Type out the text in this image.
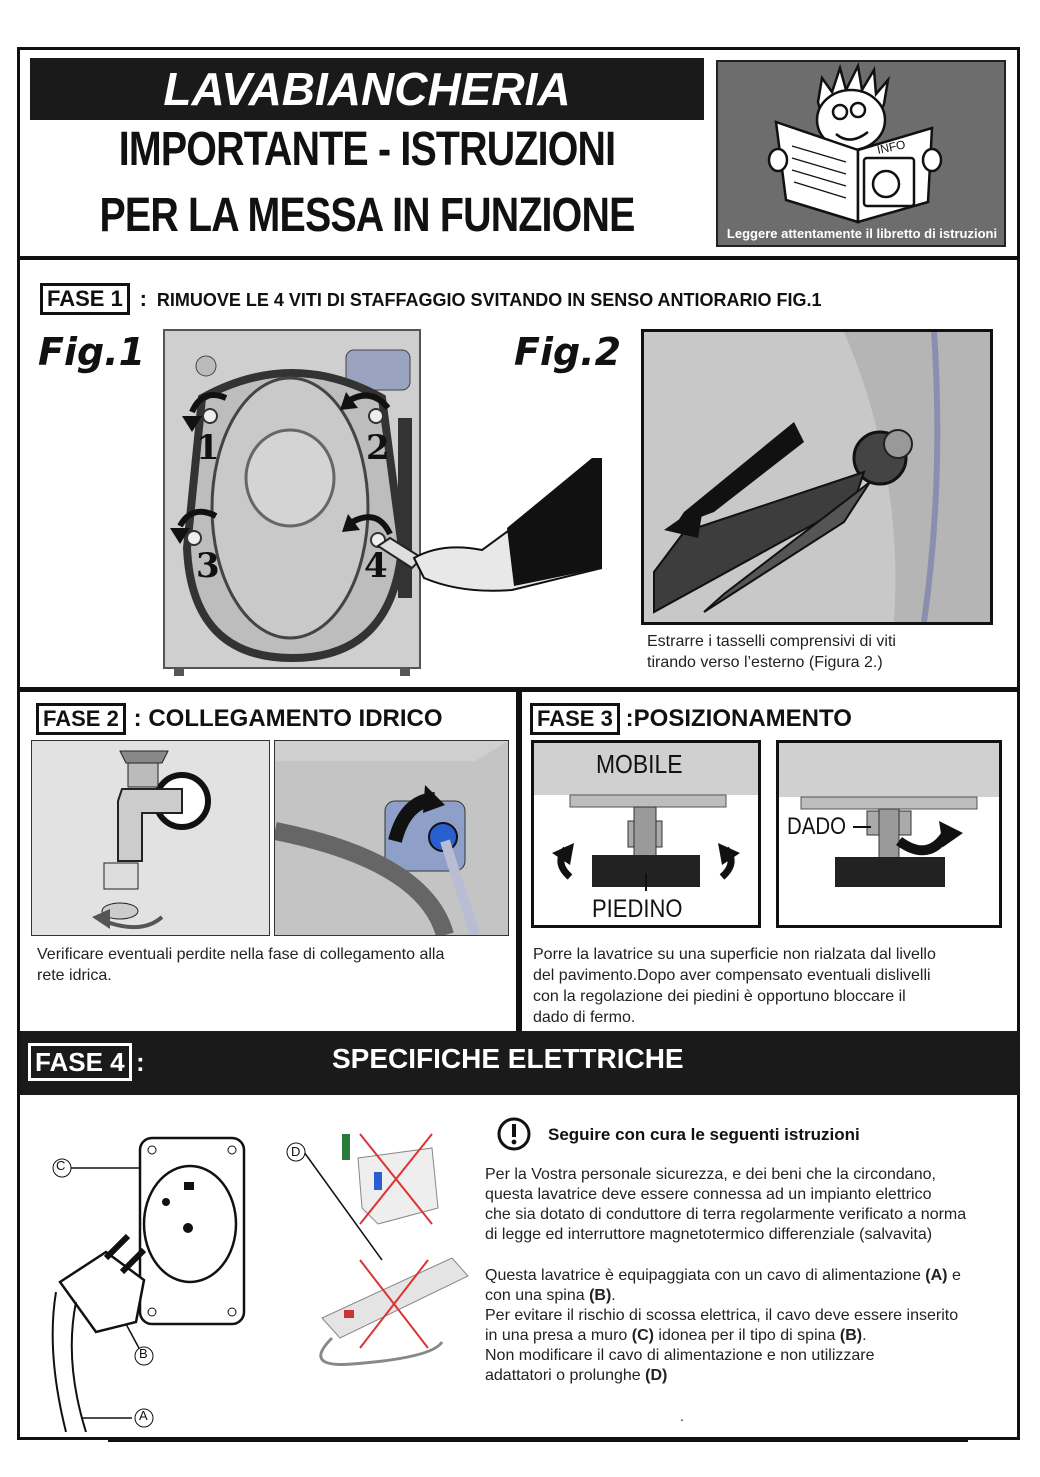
LAVABIANCHERIA
IMPORTANTE - ISTRUZIONI
PER LA MESSA IN FUNZIONE
INFO
Leggere attentamente il libretto di istruzioni
FASE 1 : RIMUOVE LE 4 VITI DI STAFFAGGIO SVITANDO IN SENSO ANTIORARIO FIG.1
Fig.1	Fig.2
1	2
3	4
Estrarre i tasselli comprensivi di viti
tirando verso l’esterno (Figura 2.)
FASE 2 : COLLEGAMENTO IDRICO
Verificare eventuali perdite nella fase di collegamento alla
rete idrica.
FASE 3 :POSIZIONAMENTO
MOBILE
PIEDINO
DADO
Porre la lavatrice su una superficie non rialzata dal livello
del pavimento.Dopo aver compensato eventuali dislivelli
con la regolazione dei piedini è opportuno bloccare il
dado di fermo.
FASE 4 :	SPECIFICHE ELETTRICHE
C
B
A
D
Seguire con cura le seguenti istruzioni
Per la Vostra personale sicurezza, e dei beni che la circondano,
questa lavatrice deve essere connessa ad un impianto elettrico
che sia dotato di conduttore di terra regolarmente verificato a norma
di legge ed interruttore magnetotermico differenziale (salvavita)
Questa lavatrice è equipaggiata con un cavo di alimentazione (A) e
con una spina (B).
Per evitare il rischio di scossa elettrica, il cavo deve essere inserito
in una presa a muro (C) idonea per il tipo di spina (B).
Non modificare il cavo di alimentazione e non utilizzare
adattatori o prolunghe (D)
.
